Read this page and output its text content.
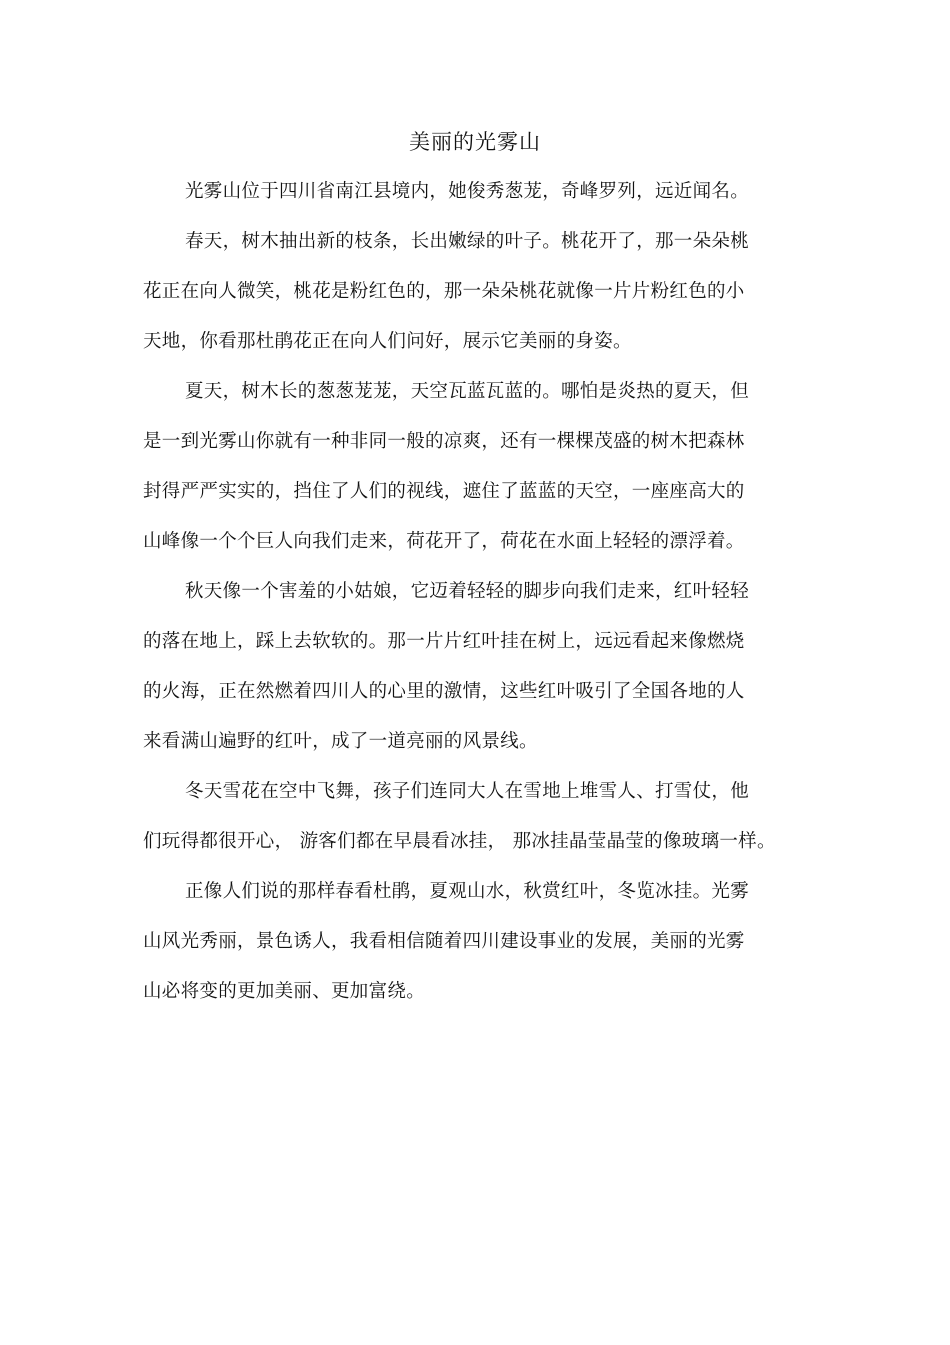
美丽的光雾山
光雾山位于四川省南江县境内，她俊秀葱茏，奇峰罗列，远近闻名。
春天，树木抽出新的枝条，长出嫩绿的叶子。桃花开了，那一朵朵桃
花正在向人微笑，桃花是粉红色的，那一朵朵桃花就像一片片粉红色的小
天地，你看那杜鹃花正在向人们问好，展示它美丽的身姿。
夏天，树木长的葱葱茏茏，天空瓦蓝瓦蓝的。哪怕是炎热的夏天，但
是一到光雾山你就有一种非同一般的凉爽，还有一棵棵茂盛的树木把森林
封得严严实实的，挡住了人们的视线，遮住了蓝蓝的天空，一座座高大的
山峰像一个个巨人向我们走来，荷花开了，荷花在水面上轻轻的漂浮着。
秋天像一个害羞的小姑娘，它迈着轻轻的脚步向我们走来，红叶轻轻
的落在地上，踩上去软软的。那一片片红叶挂在树上，远远看起来像燃烧
的火海，正在然燃着四川人的心里的激情，这些红叶吸引了全国各地的人
来看满山遍野的红叶，成了一道亮丽的风景线。
冬天雪花在空中飞舞，孩子们连同大人在雪地上堆雪人、打雪仗，他
们玩得都很开心， 游客们都在早晨看冰挂， 那冰挂晶莹晶莹的像玻璃一样。
正像人们说的那样春看杜鹃，夏观山水，秋赏红叶，冬览冰挂。光雾
山风光秀丽，景色诱人，我看相信随着四川建设事业的发展，美丽的光雾
山必将变的更加美丽、更加富绕。
